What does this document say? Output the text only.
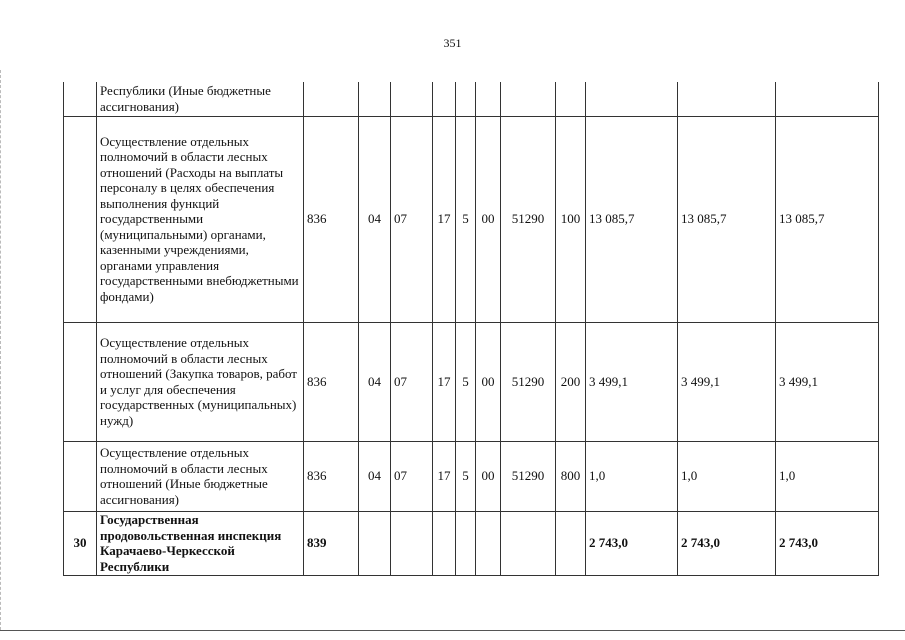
351
	Республики (Иные бюджетные ассигнования)											
	Осуществление отдельных полномочий в области лесных отношений (Расходы на выплаты персоналу в целях обеспечения выполнения функций государственными (муниципальными) органами, казенными учреждениями, органами управления государственными внебюджетными фондами)	836	04	07	17	5	00	51290	100	13 085,7	13 085,7	13 085,7
	Осуществление отдельных полномочий в области лесных отношений (Закупка товаров, работ и услуг для обеспечения государственных (муниципальных) нужд)	836	04	07	17	5	00	51290	200	3 499,1	3 499,1	3 499,1
	Осуществление отдельных полномочий в области лесных отношений (Иные бюджетные ассигнования)	836	04	07	17	5	00	51290	800	1,0	1,0	1,0
30	Государственная продовольственная инспекция Карачаево-Черкесской Республики	839								2 743,0	2 743,0	2 743,0
